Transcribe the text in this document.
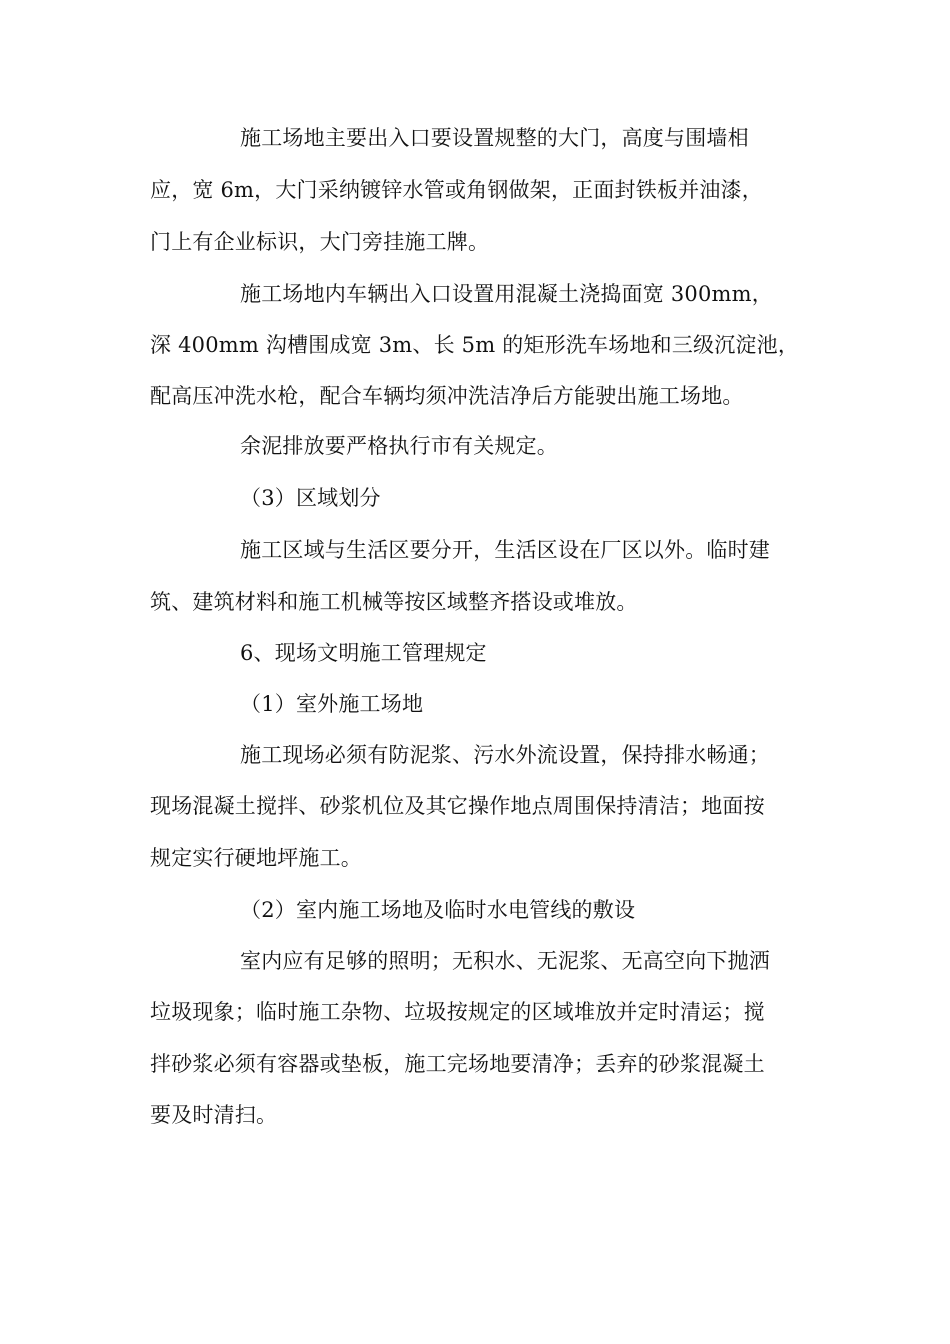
施工场地主要出入口要设置规整的大门，高度与围墙相
应，宽 6m，大门采纳镀锌水管或角钢做架，正面封铁板并油漆，
门上有企业标识，大门旁挂施工牌。
施工场地内车辆出入口设置用混凝土浇捣面宽 300mm，
深 400mm 沟槽围成宽 3m、长 5m 的矩形洗车场地和三级沉淀池，
配高压冲洗水枪，配合车辆均须冲洗洁净后方能驶出施工场地。
余泥排放要严格执行市有关规定。
（3）区域划分
施工区域与生活区要分开，生活区设在厂区以外。临时建
筑、建筑材料和施工机械等按区域整齐搭设或堆放。
6、现场文明施工管理规定
（1）室外施工场地
施工现场必须有防泥浆、污水外流设置，保持排水畅通；
现场混凝土搅拌、砂浆机位及其它操作地点周围保持清洁；地面按
规定实行硬地坪施工。
（2）室内施工场地及临时水电管线的敷设
室内应有足够的照明；无积水、无泥浆、无高空向下抛洒
垃圾现象；临时施工杂物、垃圾按规定的区域堆放并定时清运；搅
拌砂浆必须有容器或垫板，施工完场地要清净；丢弃的砂浆混凝土
要及时清扫。
